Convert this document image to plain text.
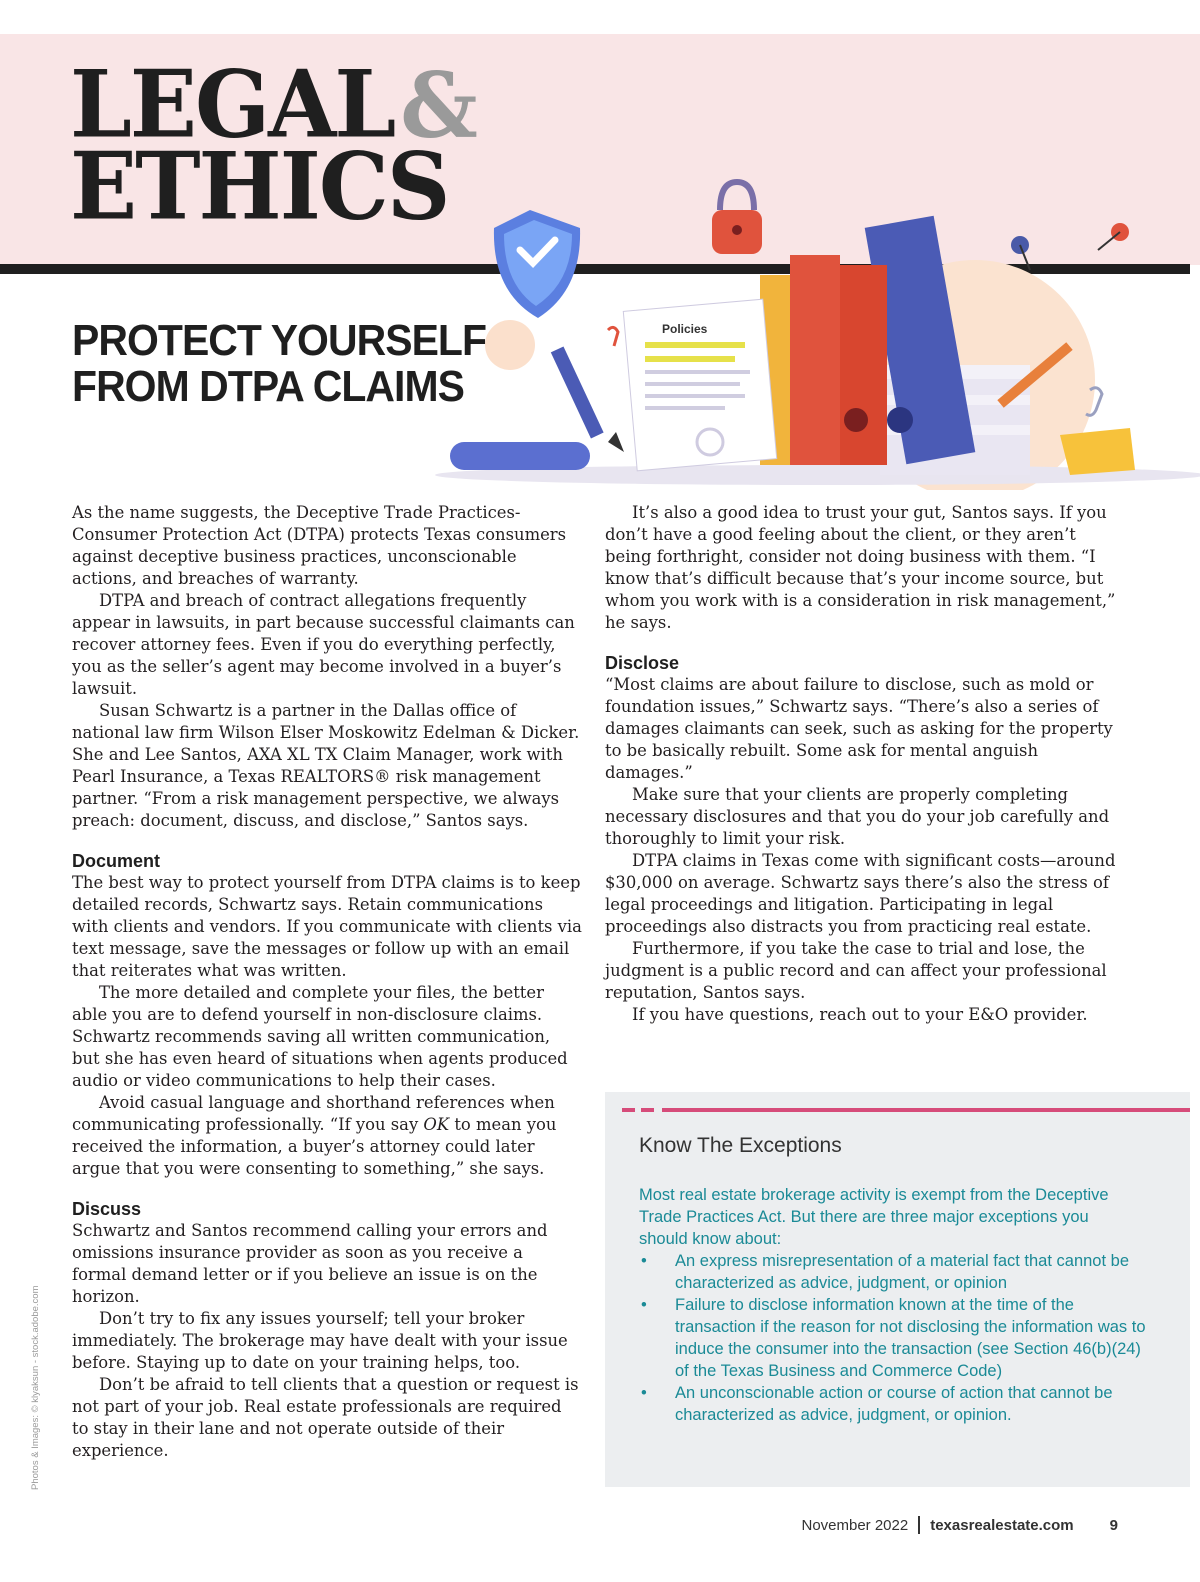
LEGAL&
ETHICS
Policies
PROTECT YOURSELF
FROM DTPA CLAIMS

As the name suggests, the Deceptive Trade Practices-Consumer Protection Act (DTPA) protects Texas consumers against deceptive business practices, unconscionable actions, and breaches of warranty.

DTPA and breach of contract allegations frequently appear in lawsuits, in part because successful claimants can recover attorney fees. Even if you do everything perfectly, you as the seller’s agent may become involved in a buyer’s lawsuit.

Susan Schwartz is a partner in the Dallas office of national law firm Wilson Elser Moskowitz Edelman & Dicker. She and Lee Santos, AXA XL TX Claim Manager, work with Pearl Insurance, a Texas REALTORS® risk management partner. “From a risk management perspective, we always preach: document, discuss, and disclose,” Santos says.

Document

The best way to protect yourself from DTPA claims is to keep detailed records, Schwartz says. Retain communications with clients and vendors. If you communicate with clients via text message, save the messages or follow up with an email that reiterates what was written.

The more detailed and complete your files, the better able you are to defend yourself in non-disclosure claims. Schwartz recommends saving all written communication, but she has even heard of situations when agents produced audio or video communications to help their cases.

Avoid casual language and shorthand references when communicating professionally. “If you say OK to mean you received the information, a buyer’s attorney could later argue that you were consenting to something,” she says.

Discuss

Schwartz and Santos recommend calling your errors and omissions insurance provider as soon as you receive a formal demand letter or if you believe an issue is on the horizon.

Don’t try to fix any issues yourself; tell your broker immediately. The brokerage may have dealt with your issue before. Staying up to date on your training helps, too.

Don’t be afraid to tell clients that a question or request is not part of your job. Real estate professionals are required to stay in their lane and not operate outside of their experience.

It’s also a good idea to trust your gut, Santos says. If you don’t have a good feeling about the client, or they aren’t being forthright, consider not doing business with them. “I know that’s difficult because that’s your income source, but whom you work with is a consideration in risk management,” he says.

Disclose

“Most claims are about failure to disclose, such as mold or foundation issues,” Schwartz says. “There’s also a series of damages claimants can seek, such as asking for the property to be basically rebuilt. Some ask for mental anguish damages.”

Make sure that your clients are properly completing necessary disclosures and that you do your job carefully and thoroughly to limit your risk.

DTPA claims in Texas come with significant costs—around $30,000 on average. Schwartz says there’s also the stress of legal proceedings and litigation. Participating in legal proceedings also distracts you from practicing real estate.

Furthermore, if you take the case to trial and lose, the judgment is a public record and can affect your professional reputation, Santos says.

If you have questions, reach out to your E&O provider.

Know The Exceptions

Most real estate brokerage activity is exempt from the Deceptive Trade Practices Act. But there are three major exceptions you should know about:

• An express misrepresentation of a material fact that cannot be characterized as advice, judgment, or opinion
• Failure to disclose information known at the time of the transaction if the reason for not disclosing the information was to induce the consumer into the transaction (see Section 46(b)(24) of the Texas Business and Commerce Code)
• An unconscionable action or course of action that cannot be characterized as advice, judgment, or opinion.
Photos & Images: © klyaksun - stock.adobe.com
November 2022 texasrealestate.com 9
